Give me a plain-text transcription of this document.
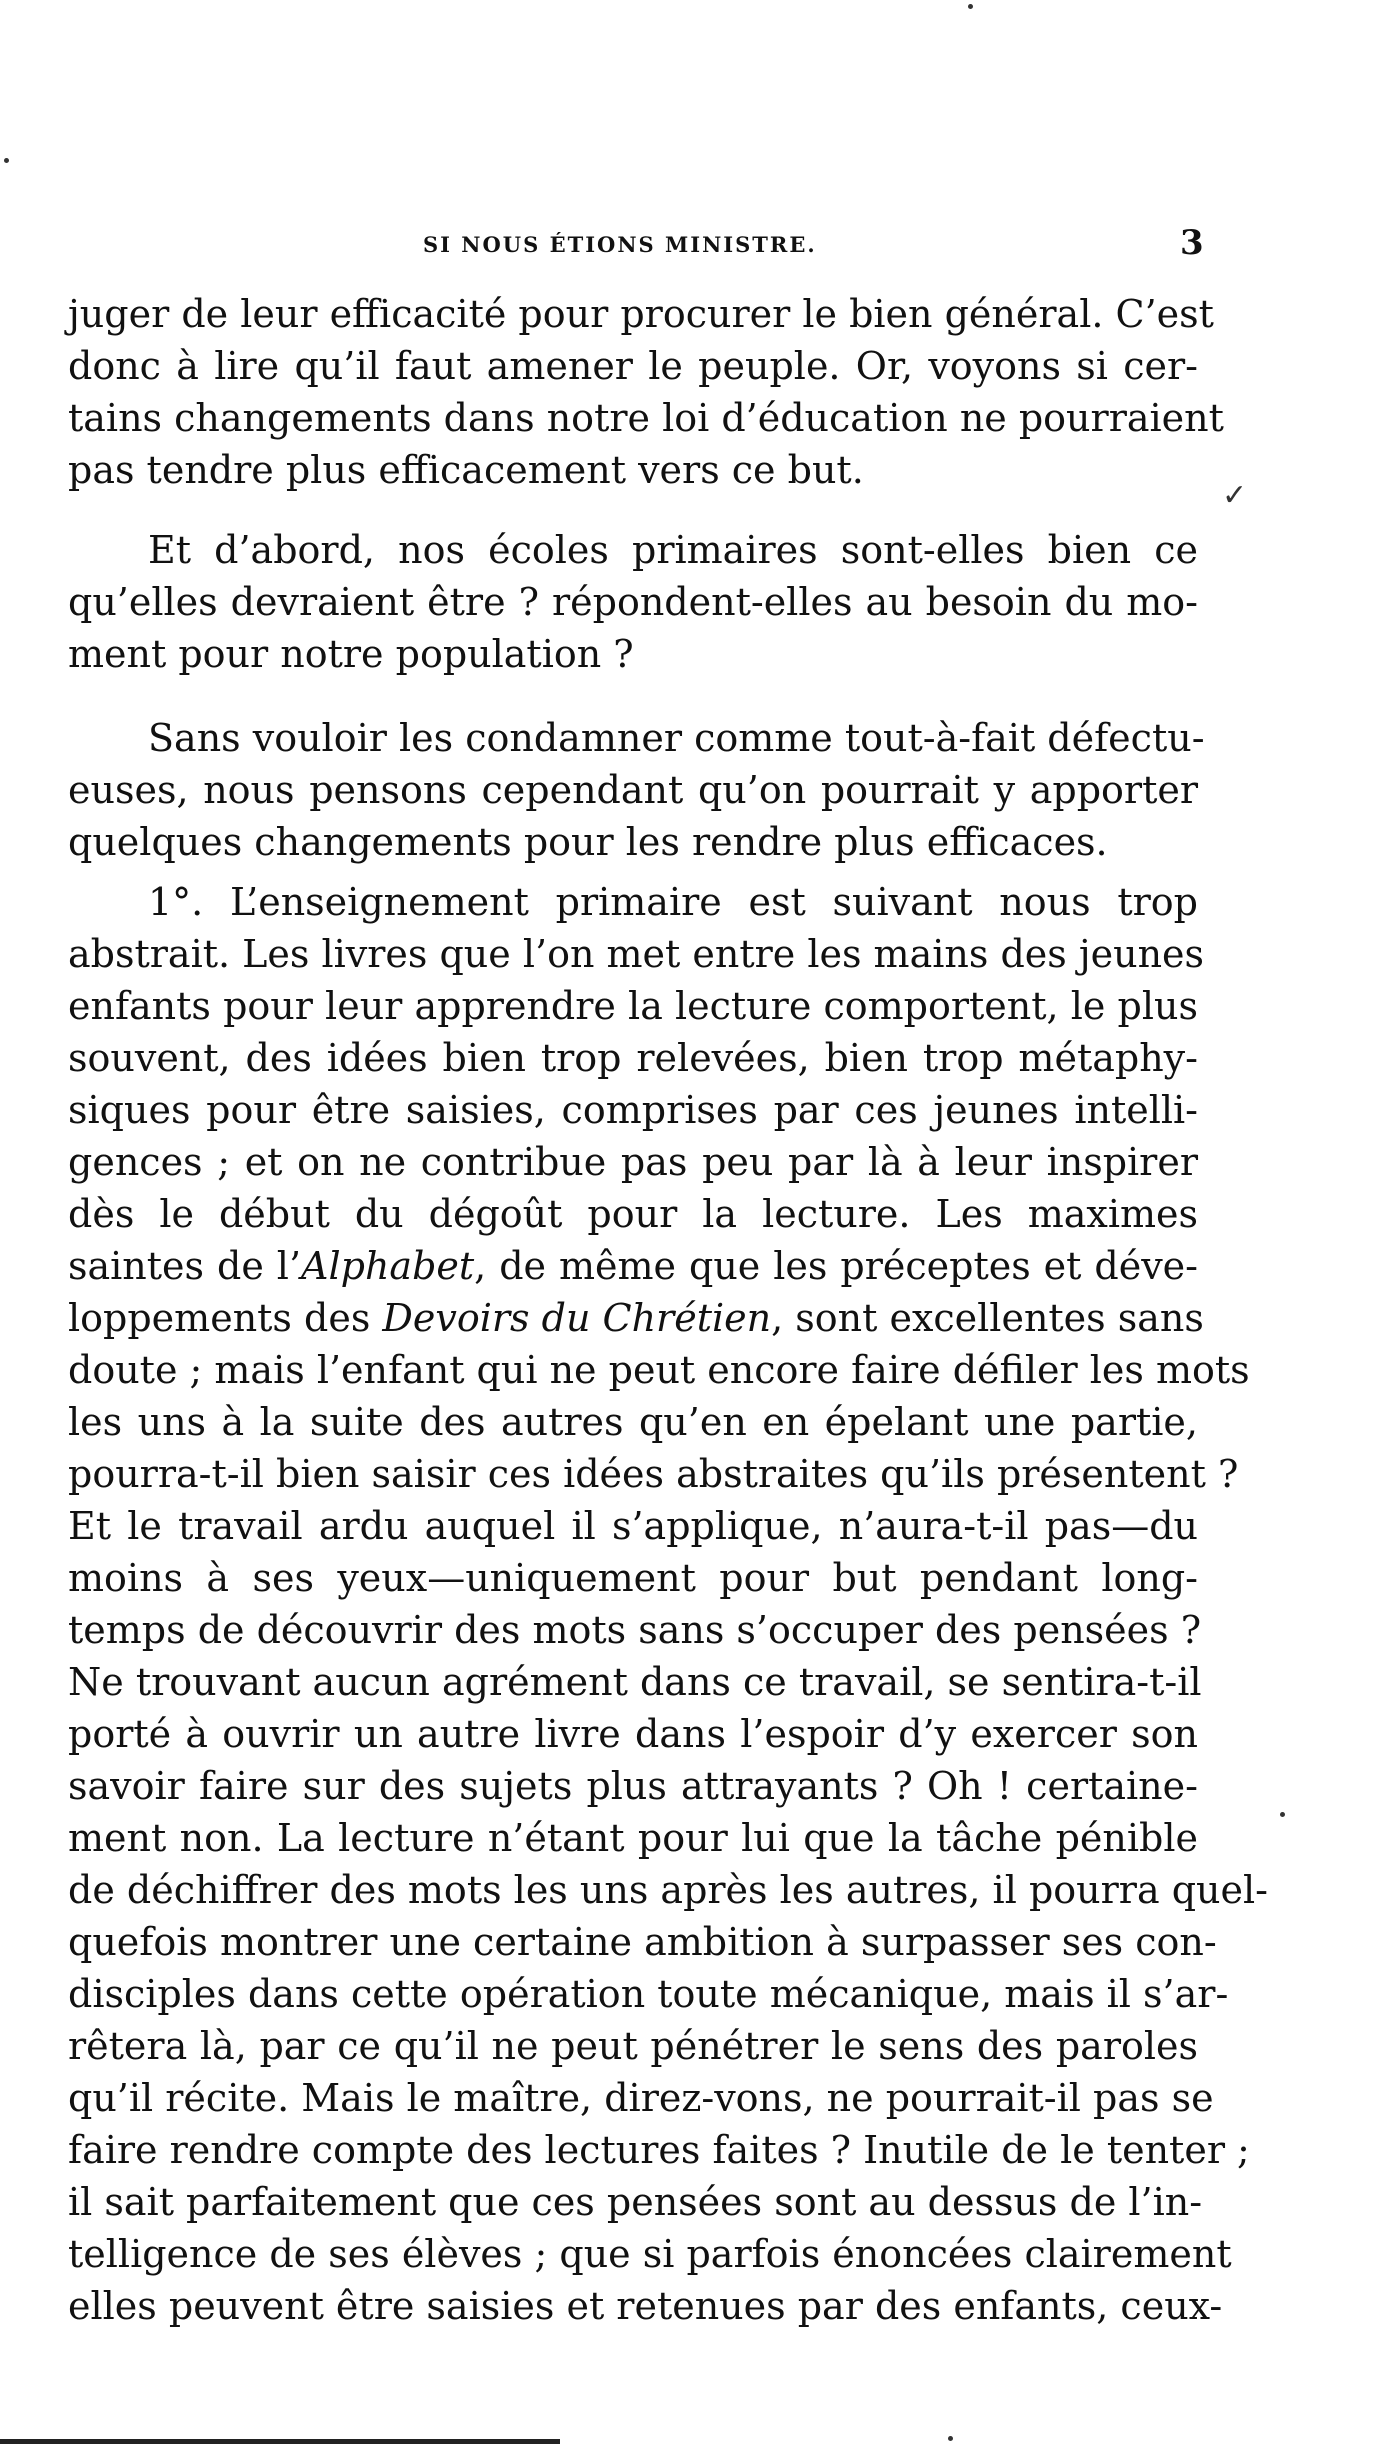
SI NOUS ÉTIONS MINISTRE.	3
juger de leur efficacité pour procurer le bien général. C’est
donc à lire qu’il faut amener le peuple. Or, voyons si cer-
tains changements dans notre loi d’éducation ne pourraient
pas tendre plus efficacement vers ce but.
Et d’abord, nos écoles primaires sont-elles bien ce
qu’elles devraient être ? répondent-elles au besoin du mo-
ment pour notre population ?
Sans vouloir les condamner comme tout-à-fait défectu-
euses, nous pensons cependant qu’on pourrait y apporter
quelques changements pour les rendre plus efficaces.
1°. L’enseignement primaire est suivant nous trop
abstrait. Les livres que l’on met entre les mains des jeunes
enfants pour leur apprendre la lecture comportent, le plus
souvent, des idées bien trop relevées, bien trop métaphy-
siques pour être saisies, comprises par ces jeunes intelli-
gences ; et on ne contribue pas peu par là à leur inspirer
dès le début du dégoût pour la lecture. Les maximes
saintes de l’Alphabet, de même que les préceptes et déve-
loppements des Devoirs du Chrétien, sont excellentes sans
doute ; mais l’enfant qui ne peut encore faire défiler les mots
les uns à la suite des autres qu’en en épelant une partie,
pourra-t-il bien saisir ces idées abstraites qu’ils présentent ?
Et le travail ardu auquel il s’applique, n’aura-t-il pas—du
moins à ses yeux—uniquement pour but pendant long-
temps de découvrir des mots sans s’occuper des pensées ?
Ne trouvant aucun agrément dans ce travail, se sentira-t-il
porté à ouvrir un autre livre dans l’espoir d’y exercer son
savoir faire sur des sujets plus attrayants ? Oh ! certaine-
ment non. La lecture n’étant pour lui que la tâche pénible
de déchiffrer des mots les uns après les autres, il pourra quel-
quefois montrer une certaine ambition à surpasser ses con-
disciples dans cette opération toute mécanique, mais il s’ar-
rêtera là, par ce qu’il ne peut pénétrer le sens des paroles
qu’il récite. Mais le maître, direz-vons, ne pourrait-il pas se
faire rendre compte des lectures faites ? Inutile de le tenter ;
il sait parfaitement que ces pensées sont au dessus de l’in-
telligence de ses élèves ; que si parfois énoncées clairement
elles peuvent être saisies et retenues par des enfants, ceux-
✓
